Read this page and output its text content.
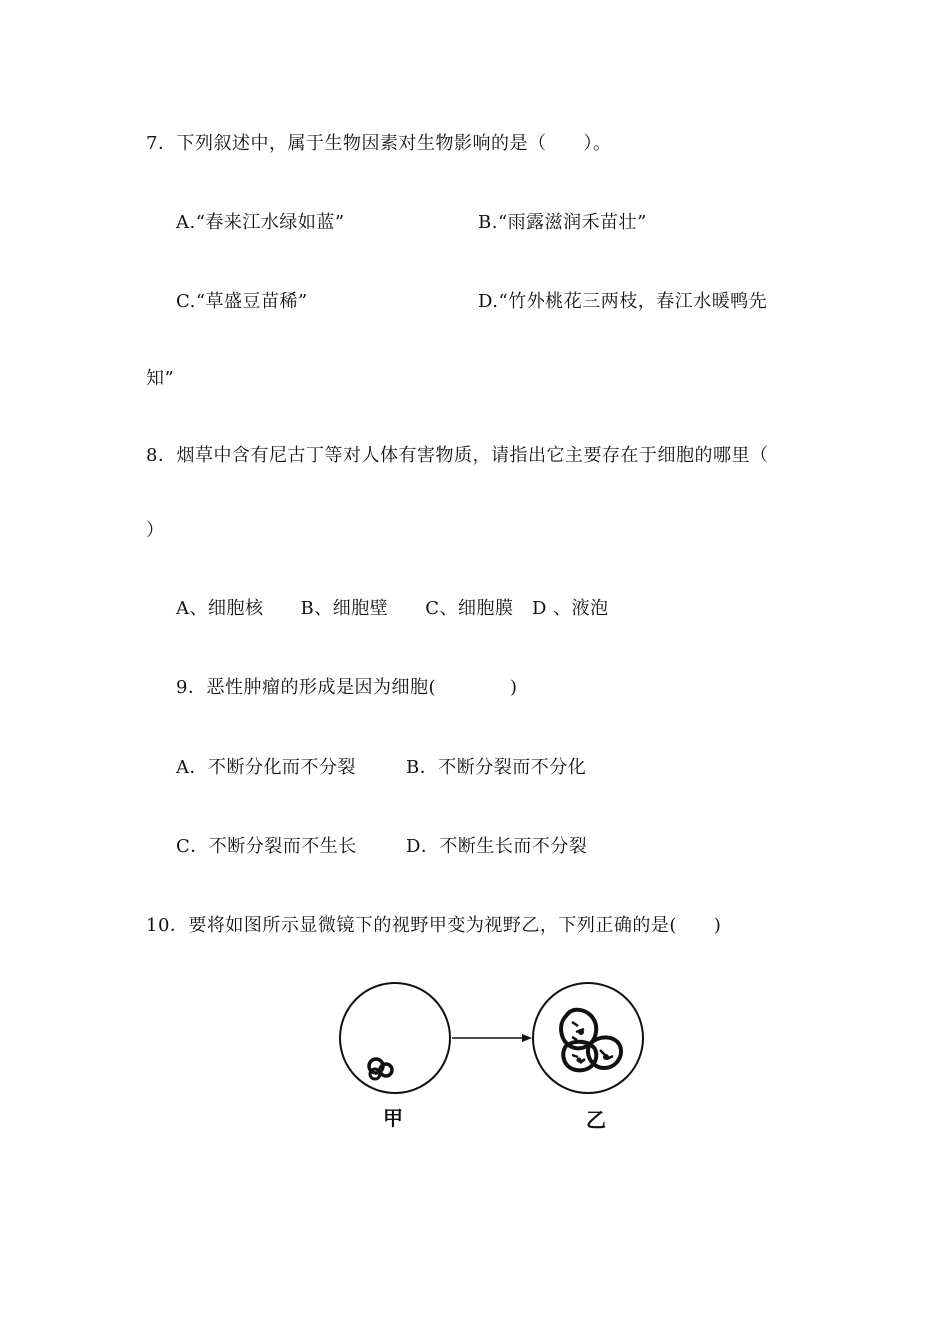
7．下列叙述中，属于生物因素对生物影响的是（　　）。
A.“春来江水绿如蓝”	B.“雨露滋润禾苗壮”
C.“草盛豆苗稀”	D.“竹外桃花三两枝，春江水暖鸭先
知”
8．烟草中含有尼古丁等对人体有害物质，请指出它主要存在于细胞的哪里（
）
A、细胞核　　B、细胞壁　　C、细胞膜　D 、液泡
9．恶性肿瘤的形成是因为细胞(　　　　)
A．不断分化而不分裂	B．不断分裂而不分化
C．不断分裂而不生长	D．不断生长而不分裂
10．要将如图所示显微镜下的视野甲变为视野乙，下列正确的是(　　)
甲	乙
